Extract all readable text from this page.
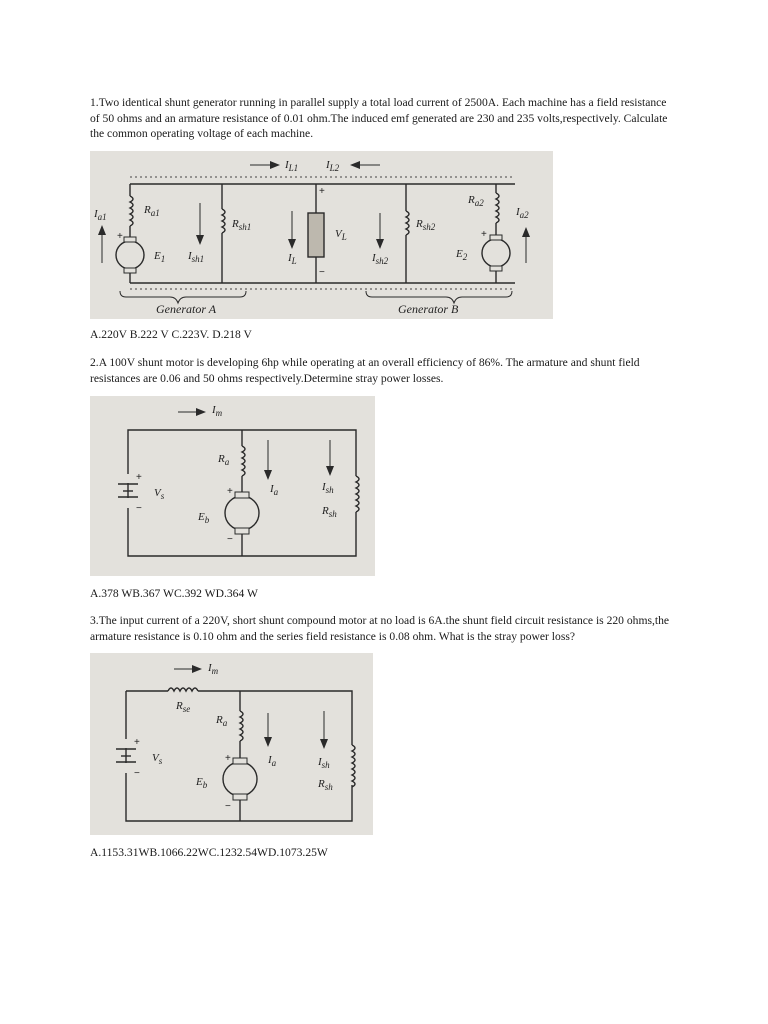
1.Two identical shunt generator running in parallel supply a total load current of 2500A. Each machine has a field resistance of 50 ohms and an armature resistance of 0.01 ohm.The induced emf generated are 230 and 235 volts,respectively. Calculate the common operating voltage of each machine.

+
$I_{a1}$
$R_{a1}$
$E_1$ $I_{sh1}$
$R_{sh1}$
$I_{L1}$	$I_{L2}$
+
−
$V_L$
$I_L$	$I_{sh2}$
$R_{sh2}$
+
$R_{a2}$
$E_2$
$I_{a2}$
Generator A	Generator B
A.220V B.222 V C.223V. D.218 V

2.A 100V shunt motor is developing 6hp while operating at an overall efficiency of 86%. The armature and shunt field resistances are 0.06 and 50 ohms respectively.Determine stray power losses.

$I_m$
+
−
$V_s$	+
−
$R_a$
$E_b$
$I_a$	$I_{sh}$
$R_{sh}$
A.378 WB.367 WC.392 WD.364 W

3.The input current of a 220V, short shunt compound motor at no load is 6A.the shunt field circuit resistance is 220 ohms,the armature resistance is 0.10 ohm and the series field resistance is 0.08 ohm. What is the stray power loss?

$R_{se}$
$I_m$
+
−
$V_s$	+
−
$R_a$
$E_b$
$I_a$	$I_{sh}$
$R_{sh}$
A.1153.31WB.1066.22WC.1232.54WD.1073.25W
